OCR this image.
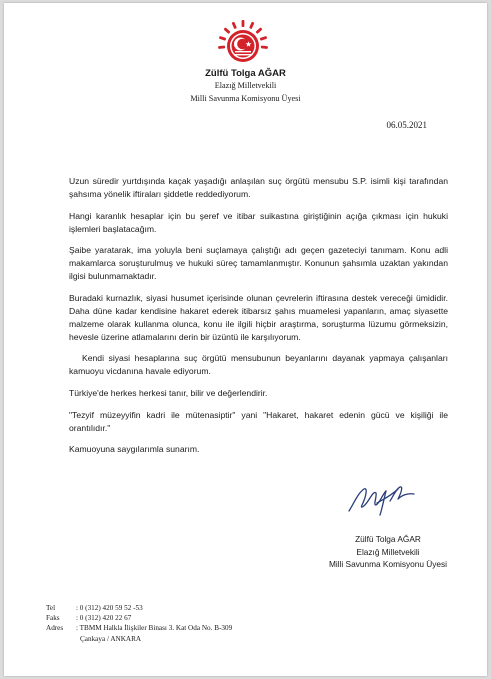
Zülfü Tolga AĞAR
Elazığ Milletvekili
Milli Savunma Komisyonu Üyesi
06.05.2021

Uzun süredir yurtdışında kaçak yaşadığı anlaşılan suç örgütü mensubu S.P. isimli kişi tarafından şahsıma yönelik iftiraları şiddetle reddediyorum.

Hangi karanlık hesaplar için bu şeref ve itibar suikastına giriştiğinin açığa çıkması için hukuki işlemleri başlatacağım.

Şaibe yaratarak, ima yoluyla beni suçlamaya çalıştığı adı geçen gazeteciyi tanımam. Konu adli makamlarca soruşturulmuş ve hukuki süreç tamamlanmıştır. Konunun şahsımla uzaktan yakından ilgisi bulunmamaktadır.

Buradaki kurnazlık, siyasi husumet içerisinde olunan çevrelerin iftirasına destek vereceği ümididir. Daha düne kadar kendisine hakaret ederek itibarsız şahıs muamelesi yapanların, amaç siyasette malzeme olarak kullanma olunca, konu ile ilgili hiçbir araştırma, soruşturma lüzumu görmeksizin, hevesle üzerine atlamalarını derin bir üzüntü ile karşılıyorum.

Kendi siyasi hesaplarına suç örgütü mensubunun beyanlarını dayanak yapmaya çalışanları kamuoyu vicdanına havale ediyorum.

Türkiye'de herkes herkesi tanır, bilir ve değerlendirir.

"Tezyif müzeyyifin kadri ile mütenasiptir" yani "Hakaret, hakaret edenin gücü ve kişiliği ile orantılıdır."

Kamuoyuna saygılarımla sunarım.

Zülfü Tolga AĞAR
Elazığ Milletvekili
Milli Savunma Komisyonu Üyesi
Tel	: 0 (312) 420 59 52 -53
Faks	: 0 (312) 420 22 67
Adres	: TBMM Halkla İlişkiler Binası 3. Kat Oda No. B-309
Çankaya / ANKARA
